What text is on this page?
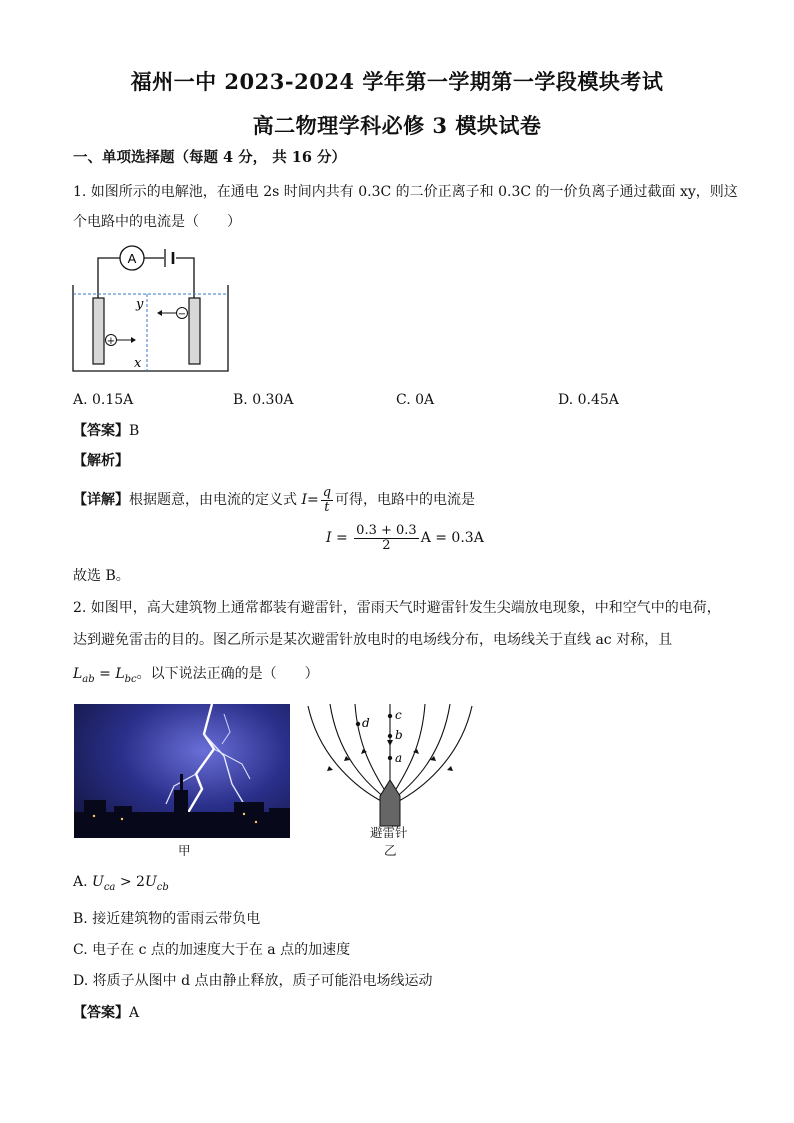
福州一中 2023-2024 学年第一学期第一学段模块考试
高二物理学科必修 3 模块试卷
一、单项选择题（每题 4 分， 共 16 分）
1. 如图所示的电解池，在通电 2s 时间内共有 0.3C 的二价正离子和 0.3C 的一价负离子通过截面 xy，则这
个电路中的电流是（　　）
A
y
x
+
−
A. 0.15A	B. 0.30A	C. 0A	D. 0.45A
【答案】B
【解析】
【详解】根据题意，由电流的定义式 $I= \frac{q}{t}$ 可得，电路中的电流是
$I = \frac{0.3 + 0.3}{2}$ A = 0.3A
故选 B。
2. 如图甲，高大建筑物上通常都装有避雷针，雷雨天气时避雷针发生尖端放电现象，中和空气中的电荷，
达到避免雷击的目的。图乙所示是某次避雷针放电时的电场线分布，电场线关于直线 ac 对称，且
$L_{ab} = L_{bc}$。以下说法正确的是（　　）
c
b
a
d
避雷针
甲	乙
A. $U_{ca} > 2U_{cb}$
B. 接近建筑物的雷雨云带负电
C. 电子在 c 点的加速度大于在 a 点的加速度
D. 将质子从图中 d 点由静止释放，质子可能沿电场线运动
【答案】A
